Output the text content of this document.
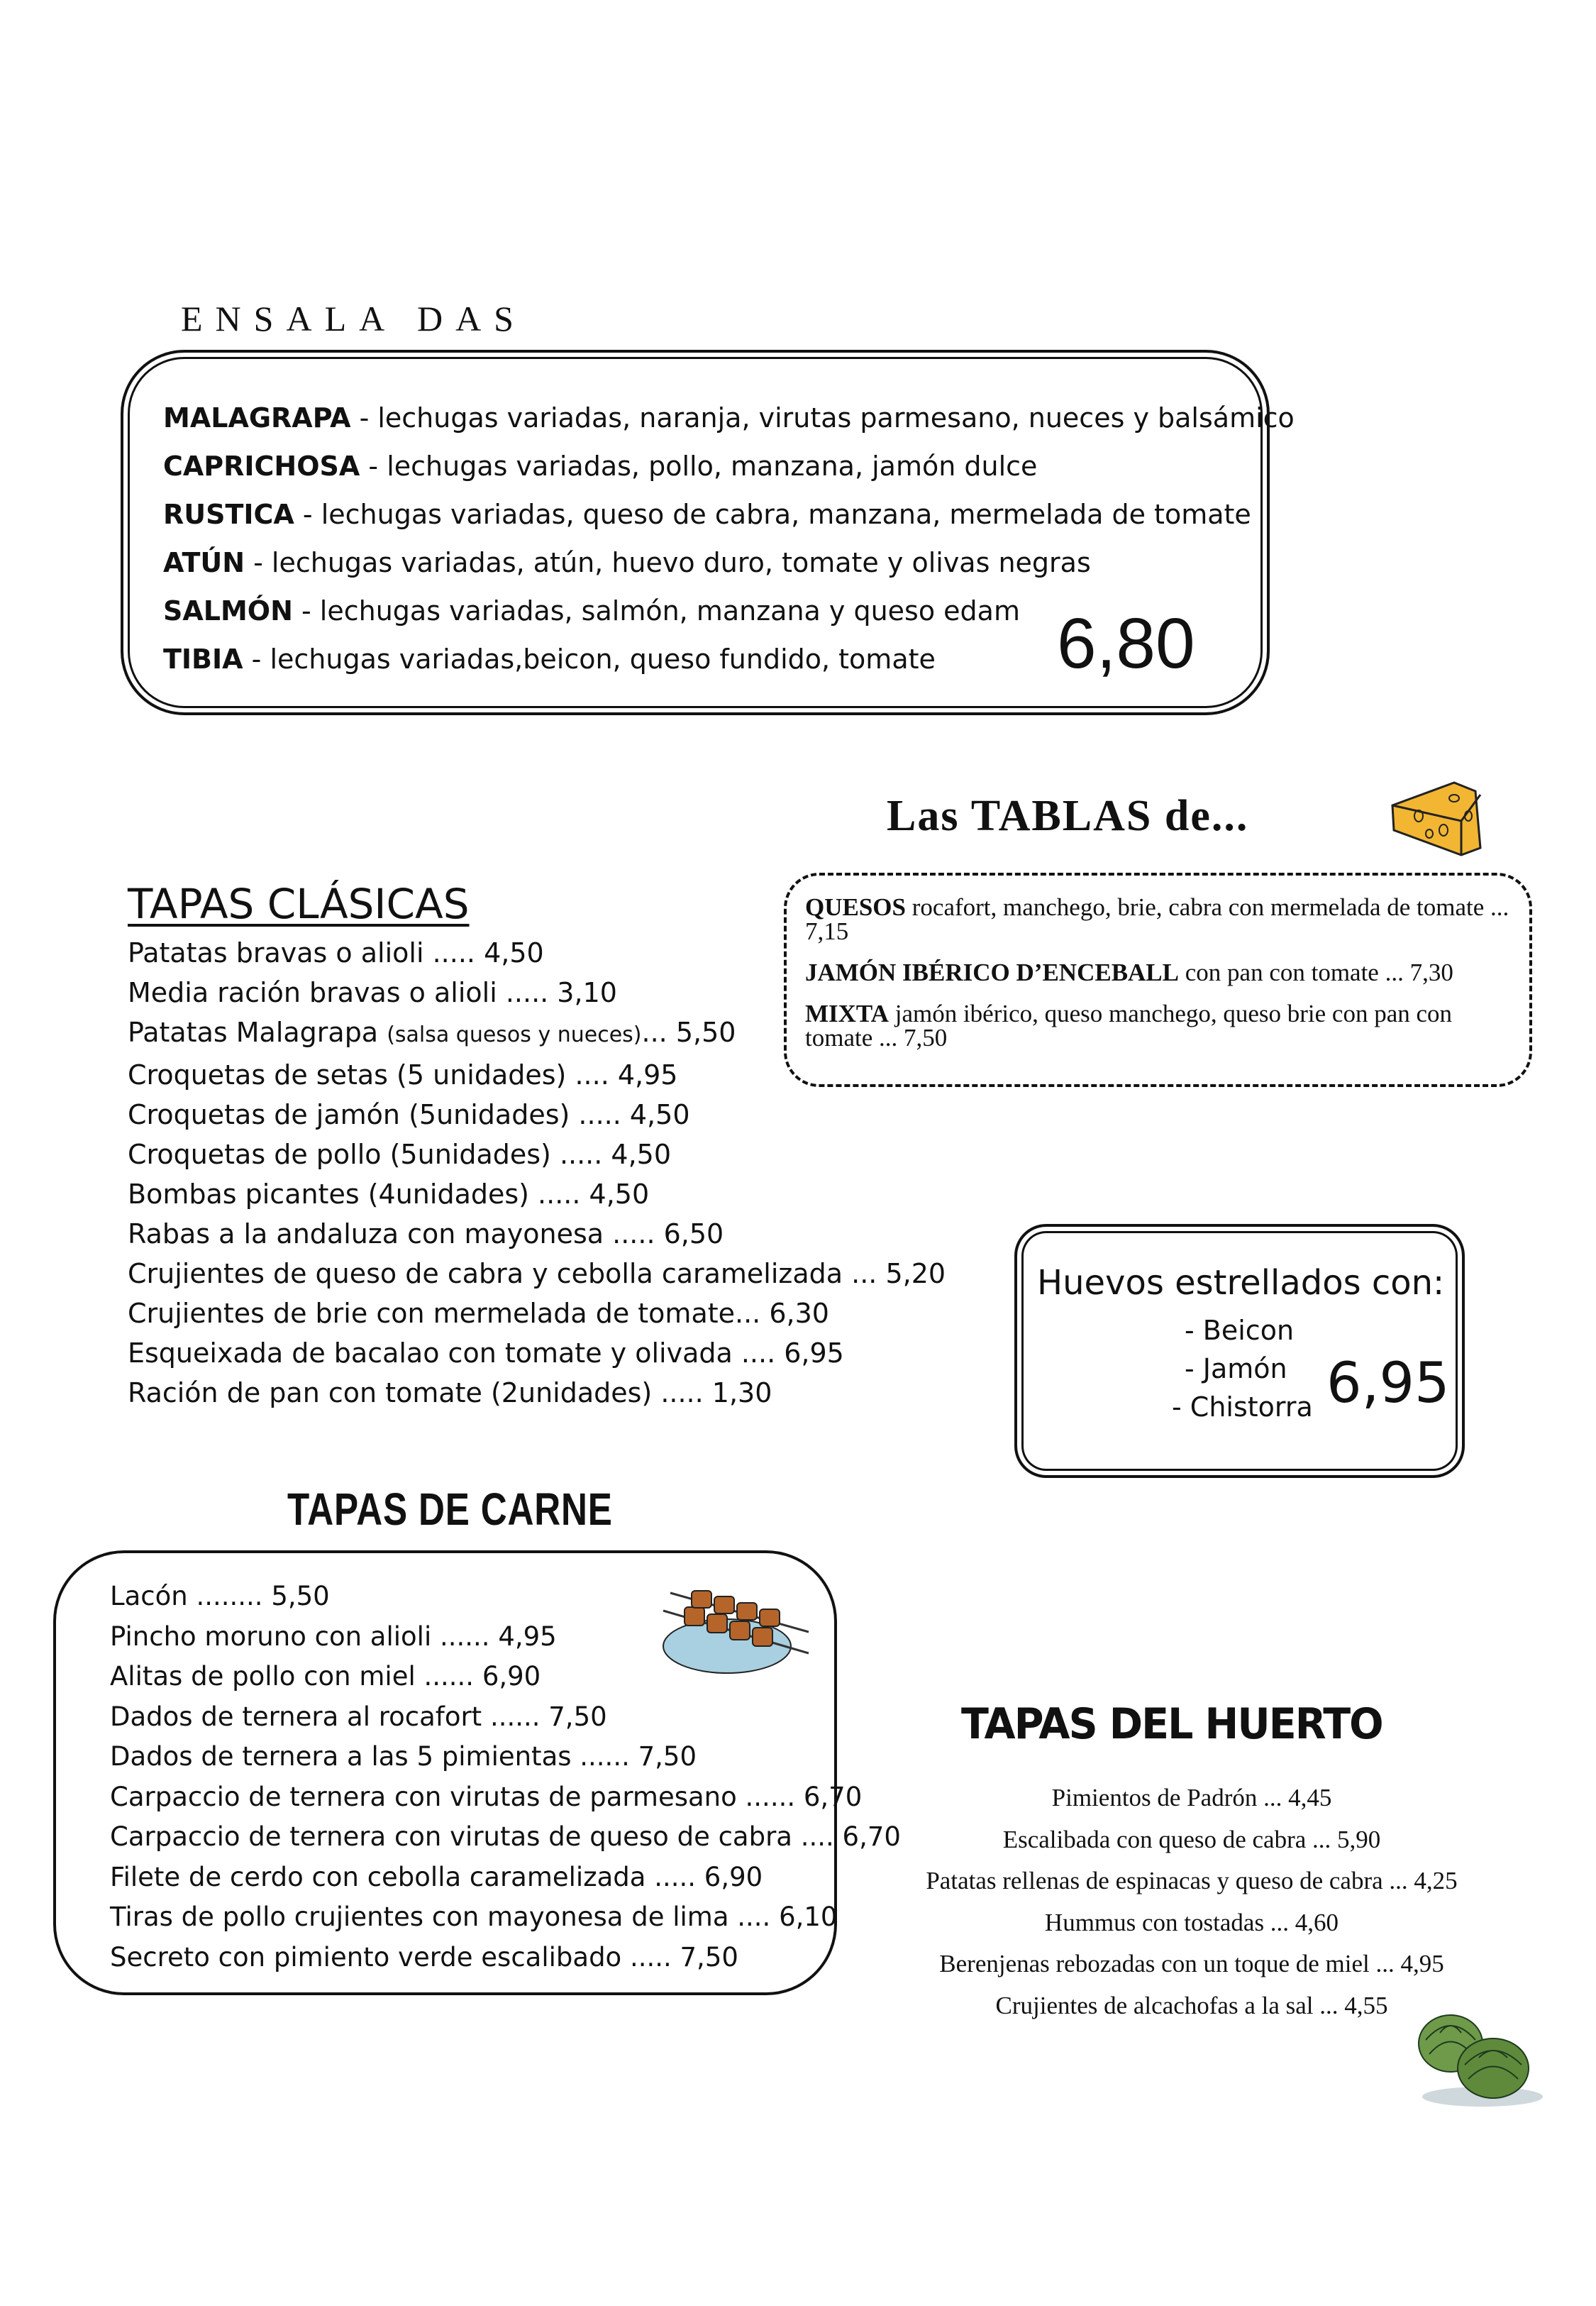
ENSALA DAS
MALAGRAPA - lechugas variadas, naranja, virutas parmesano, nueces y balsámico
CAPRICHOSA - lechugas variadas, pollo, manzana, jamón dulce
RUSTICA - lechugas variadas, queso de cabra, manzana, mermelada de tomate
ATÚN - lechugas variadas, atún, huevo duro, tomate y olivas negras
SALMÓN - lechugas variadas, salmón, manzana y queso edam
TIBIA - lechugas variadas,beicon, queso fundido, tomate	6,80
Las TABLAS de...

QUESOS rocafort, manchego, brie, cabra con mermelada de tomate ... 7,15

JAMÓN IBÉRICO D’ENCEBALL con pan con tomate ... 7,30

MIXTA jamón ibérico, queso manchego, queso brie con pan con tomate ... 7,50

TAPAS CLÁSICAS
Patatas bravas o alioli ..... 4,50
Media ración bravas o alioli ..... 3,10
Patatas Malagrapa (salsa quesos y nueces)... 5,50
Croquetas de setas (5 unidades) .... 4,95
Croquetas de jamón (5unidades) ..... 4,50
Croquetas de pollo (5unidades) ..... 4,50
Bombas picantes (4unidades) ..... 4,50
Rabas a la andaluza con mayonesa ..... 6,50
Crujientes de queso de cabra y cebolla caramelizada ... 5,20
Crujientes de brie con mermelada de tomate... 6,30
Esqueixada de bacalao con tomate y olivada .... 6,95
Ración de pan con tomate (2unidades) ..... 1,30
Huevos estrellados con:
- Beicon
- Jamón
- Chistorra 6,95
TAPAS DE CARNE
Lacón ........ 5,50
Pincho moruno con alioli ...... 4,95
Alitas de pollo con miel ...... 6,90
Dados de ternera al rocafort ...... 7,50
Dados de ternera a las 5 pimientas ...... 7,50
Carpaccio de ternera con virutas de parmesano ...... 6,70
Carpaccio de ternera con virutas de queso de cabra .... 6,70
Filete de cerdo con cebolla caramelizada ..... 6,90
Tiras de pollo crujientes con mayonesa de lima .... 6,10
Secreto con pimiento verde escalibado ..... 7,50
TAPAS DEL HUERTO
Pimientos de Padrón ... 4,45
Escalibada con queso de cabra ... 5,90
Patatas rellenas de espinacas y queso de cabra ... 4,25
Hummus con tostadas ... 4,60
Berenjenas rebozadas con un toque de miel ... 4,95
Crujientes de alcachofas a la sal ... 4,55
